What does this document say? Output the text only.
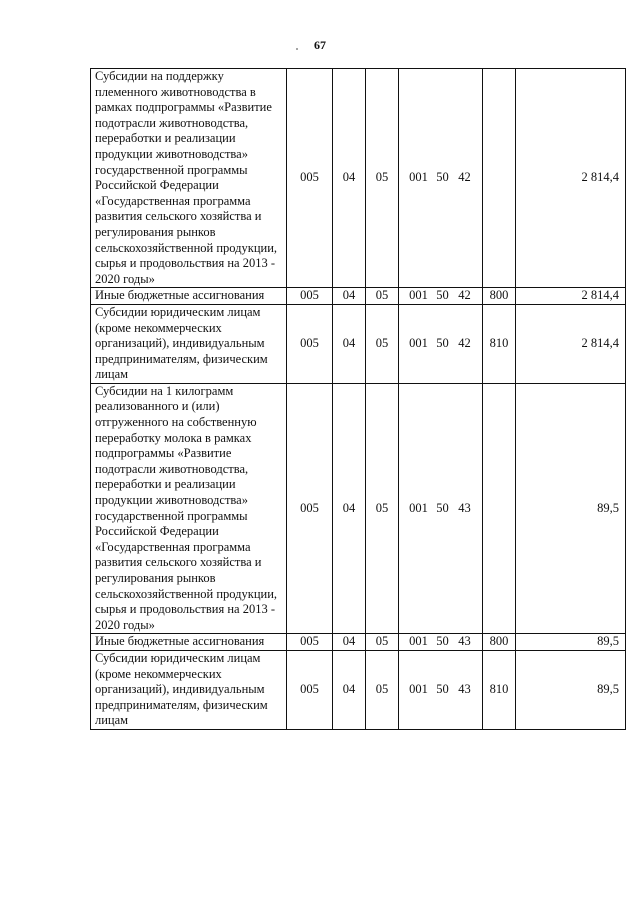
67
Субсидии на поддержку племенного животноводства в рамках подпрограммы «Развитие подотрасли животноводства, переработки и реализации продукции животноводства» государственной программы Российской Федерации «Государственная программа развития сельского хозяйства и регулирования рынков сельскохозяйственной продукции, сырья и продовольствия на 2013 - 2020 годы»	005	04	05	001 50 42		2 814,4
Иные бюджетные ассигнования	005	04	05	001 50 42	800	2 814,4
Субсидии юридическим лицам (кроме некоммерческих организаций), индивидуальным предпринимателям, физическим лицам	005	04	05	001 50 42	810	2 814,4
Субсидии на 1 килограмм реализованного и (или) отгруженного на собственную переработку молока в рамках подпрограммы «Развитие подотрасли животноводства, переработки и реализации продукции животноводства» государственной программы Российской Федерации «Государственная программа развития сельского хозяйства и регулирования рынков сельскохозяйственной продукции, сырья и продовольствия на 2013 - 2020 годы»	005	04	05	001 50 43		89,5
Иные бюджетные ассигнования	005	04	05	001 50 43	800	89,5
Субсидии юридическим лицам (кроме некоммерческих организаций), индивидуальным предпринимателям, физическим лицам	005	04	05	001 50 43	810	89,5
